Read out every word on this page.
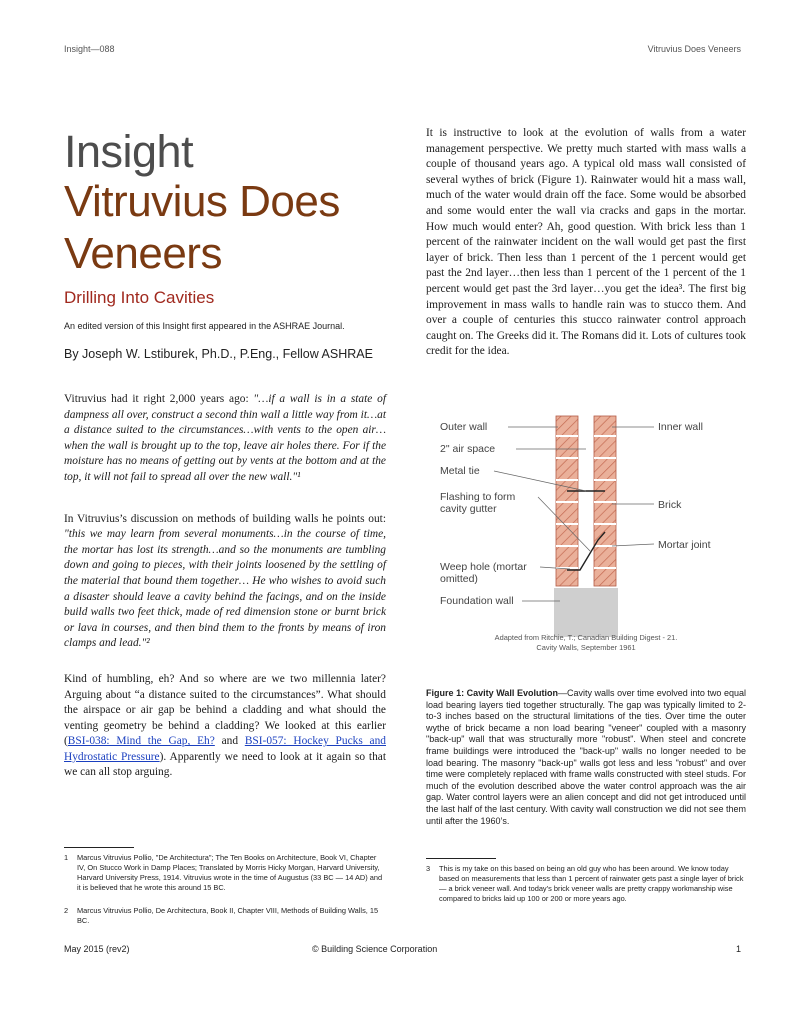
Insight—088	Vitruvius Does Veneers
Insight
Vitruvius Does
Veneers
Drilling Into Cavities
An edited version of this Insight first appeared in the ASHRAE Journal.
By Joseph W. Lstiburek, Ph.D., P.Eng., Fellow ASHRAE

Vitruvius had it right 2,000 years ago: "…if a wall is in a state of dampness all over, construct a second thin wall a little way from it…at a distance suited to the circumstances…with vents to the open air…when the wall is brought up to the top, leave air holes there. For if the moisture has no means of getting out by vents at the bottom and at the top, it will not fail to spread all over the new wall."¹

In Vitruvius’s discussion on methods of building walls he points out: "this we may learn from several monuments…in the course of time, the mortar has lost its strength…and so the monuments are tumbling down and going to pieces, with their joints loosened by the settling of the material that bound them together… He who wishes to avoid such a disaster should leave a cavity behind the facings, and on the inside build walls two feet thick, made of red dimension stone or burnt brick or lava in courses, and then bind them to the fronts by means of iron clamps and lead."²

Kind of humbling, eh? And so where are we two millennia later? Arguing about “a distance suited to the circumstances”. What should the airspace or air gap be behind a cladding and what should the venting geometry be behind a cladding? We looked at this earlier (BSI-038: Mind the Gap, Eh? and BSI-057: Hockey Pucks and Hydrostatic Pressure). Apparently we need to look at it again so that we can all stop arguing.

1 Marcus Vitruvius Pollio, "De Architectura"; The Ten Books on Architecture, Book VI, Chapter IV, On Stucco Work in Damp Places; Translated by Morris Hicky Morgan, Harvard University, Harvard University Press, 1914. Vitruvius wrote in the time of Augustus (33 BC — 14 AD) and it is believed that he wrote this around 15 BC.
2 Marcus Vitruvius Pollio, De Architectura, Book II, Chapter VIII, Methods of Building Walls, 15 BC.

It is instructive to look at the evolution of walls from a water management perspective. We pretty much started with mass walls a couple of thousand years ago. A typical old mass wall consisted of several wythes of brick (Figure 1). Rainwater would hit a mass wall, much of the water would drain off the face. Some would be absorbed and some would enter the wall via cracks and gaps in the mortar. How much would enter? Ah, good question. With brick less than 1 percent of the rainwater incident on the wall would get past the first layer of brick. Then less than 1 percent of the 1 percent would get past the 2nd layer…then less than 1 percent of the 1 percent of the 1 percent would get past the 3rd layer…you get the idea³. The first big improvement in mass walls to handle rain was to stucco them. And over a couple of centuries this stucco rainwater control approach caught on. The Greeks did it. The Romans did it. Lots of cultures took credit for the idea.

Outer wall
2" air space
Metal tie
Flashing to form
cavity gutter
Weep hole (mortar
omitted)
Foundation wall
Inner wall
Brick
Mortar joint
Adapted from Ritchie, T.; Canadian Building Digest - 21.
Cavity Walls, September 1961
Figure 1: Cavity Wall Evolution—Cavity walls over time evolved into two equal load bearing layers tied together structurally. The gap was typically limited to 2-to-3 inches based on the structural limitations of the ties. Over time the outer wythe of brick became a non load bearing "veneer" coupled with a masonry "back-up" wall that was structurally more "robust". When steel and concrete frame buildings were introduced the "back-up" walls no longer needed to be load bearing. The masonry "back-up" walls got less and less "robust" and over time were completely replaced with frame walls constructed with steel studs. For much of the evolution described above the water control approach was the air gap. Water control layers were an alien concept and did not get introduced until the last half of the last century. With cavity wall construction we did not see them until after the 1960’s.
3 This is my take on this based on being an old guy who has been around. We know today based on measurements that less than 1 percent of rainwater gets past a single layer of brick — a brick veneer wall. And today’s brick veneer walls are pretty crappy workmanship wise compared to bricks laid up 100 or 200 or more years ago.
May 2015 (rev2)	© Building Science Corporation	1
